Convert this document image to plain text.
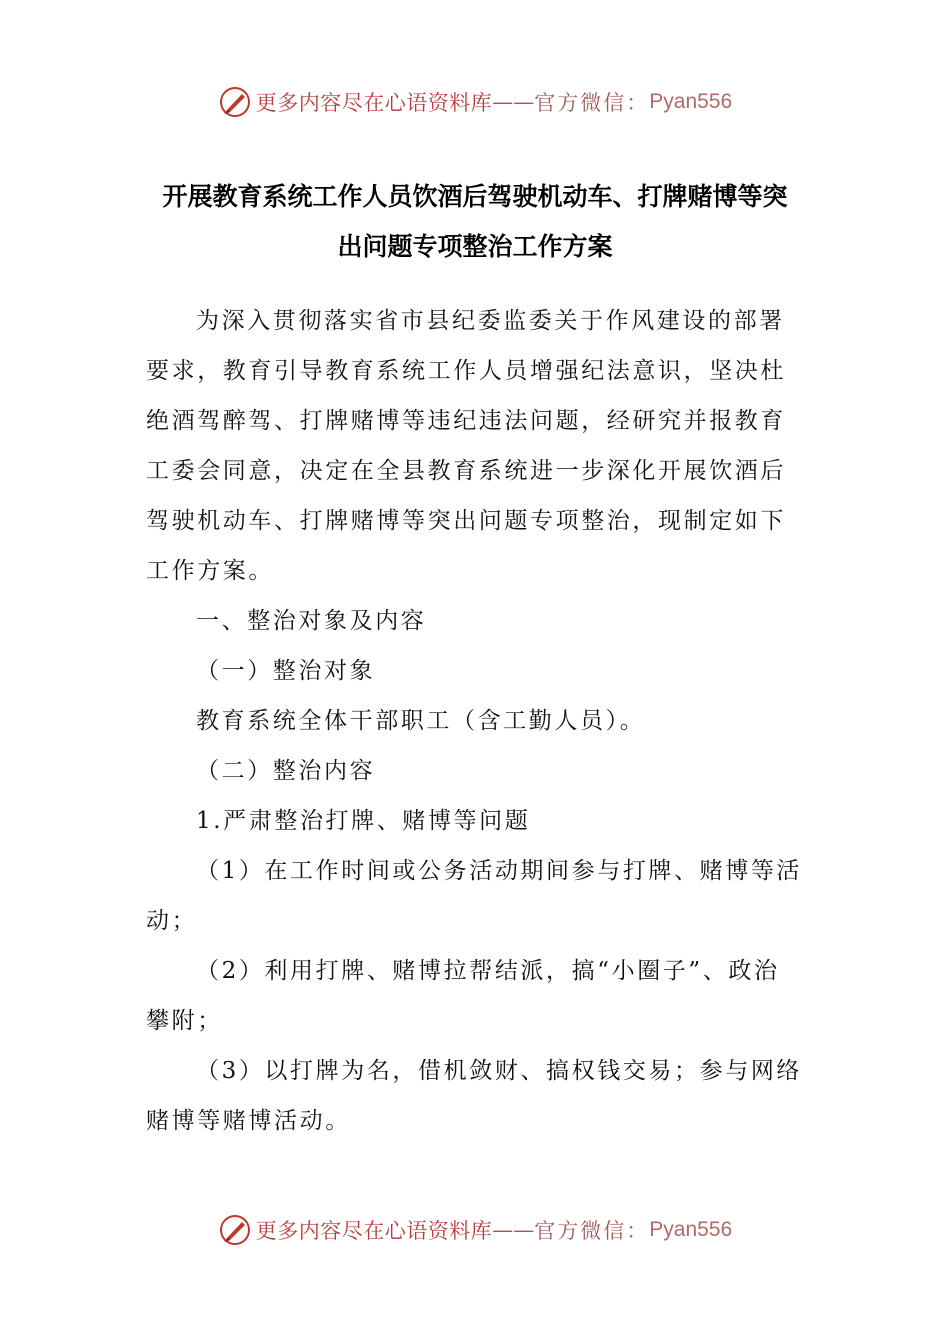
更多内容尽在心语资料库 —— 官方微信： Pyan556
开展教育系统工作人员饮酒后驾驶机动车、打牌赌博等突
出问题专项整治工作方案
为深入贯彻落实省市县纪委监委关于作风建设的部署
要求，教育引导教育系统工作人员增强纪法意识，坚决杜
绝酒驾醉驾、打牌赌博等违纪违法问题，经研究并报教育
工委会同意，决定在全县教育系统进一步深化开展饮酒后
驾驶机动车、打牌赌博等突出问题专项整治，现制定如下
工作方案。
一、整治对象及内容
（一）整治对象
教育系统全体干部职工（含工勤人员）。
（二）整治内容
1.严肃整治打牌、赌博等问题
（1）在工作时间或公务活动期间参与打牌、赌博等活
动；
（2）利用打牌、赌博拉帮结派，搞“小圈子”、政治
攀附；
（3）以打牌为名，借机敛财、搞权钱交易；参与网络
赌博等赌博活动。
更多内容尽在心语资料库 —— 官方微信： Pyan556
